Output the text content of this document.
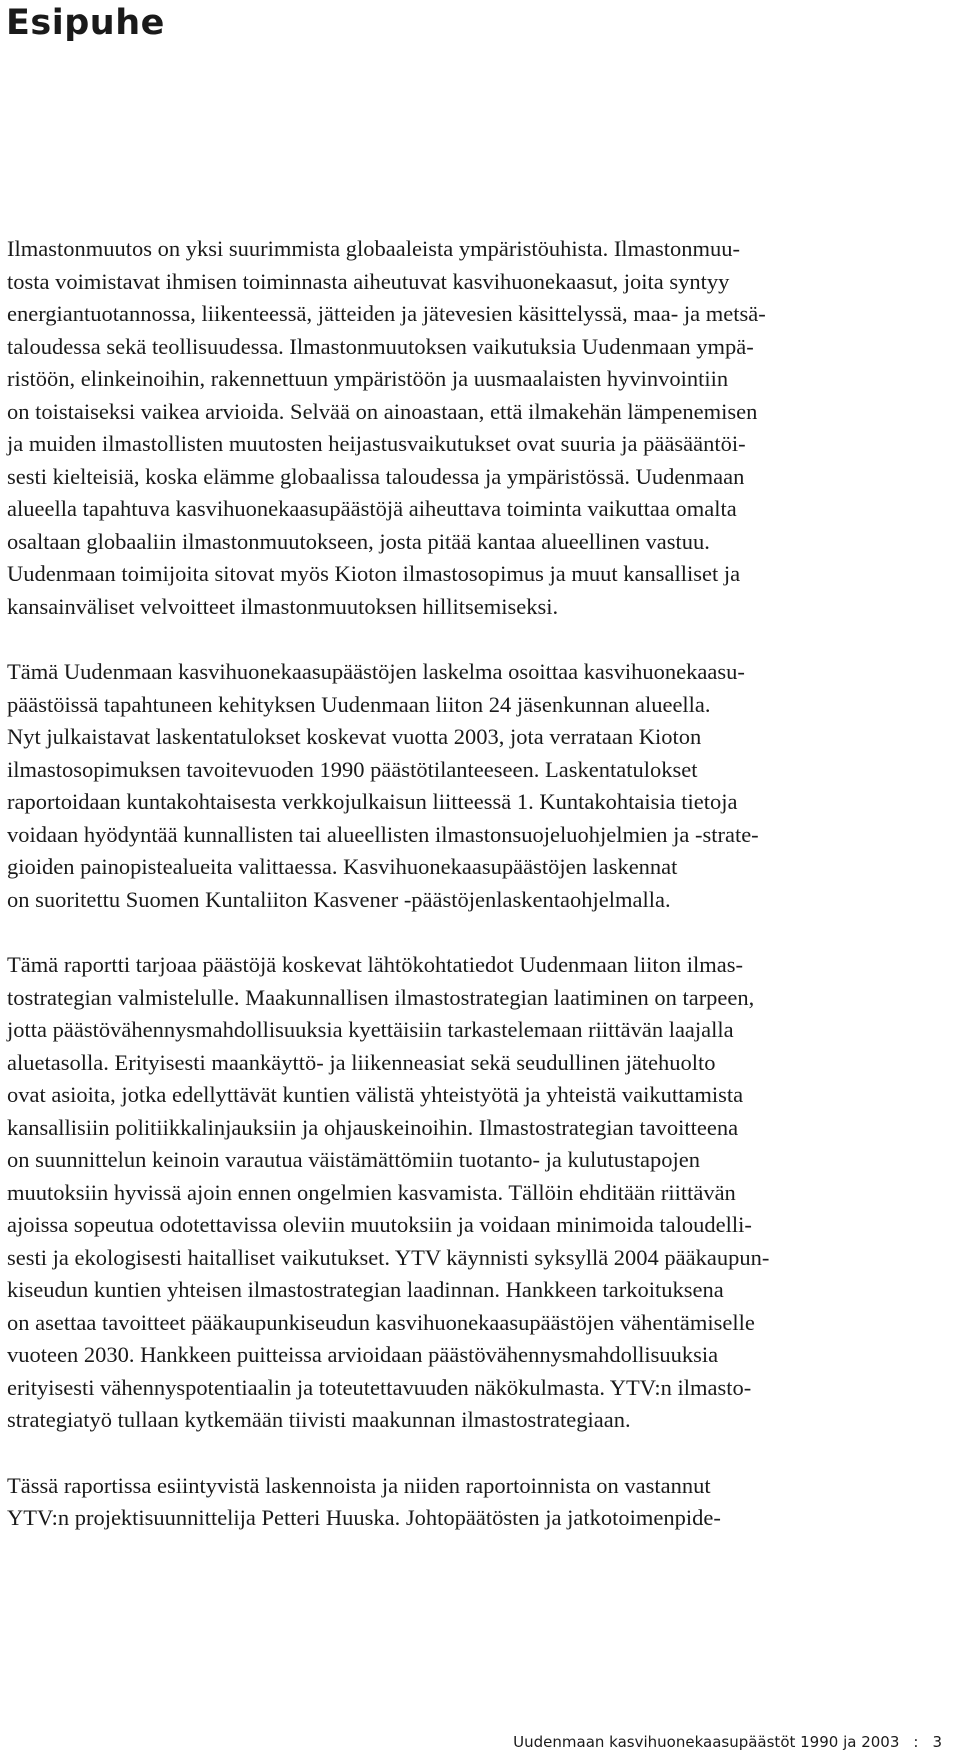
Esipuhe

Ilmastonmuutos on yksi suurimmista globaaleista ympäristöuhista. Ilmastonmuu-
tosta voimistavat ihmisen toiminnasta aiheutuvat kasvihuonekaasut, joita syntyy
energiantuotannossa, liikenteessä, jätteiden ja jätevesien käsittelyssä, maa- ja metsä-
taloudessa sekä teollisuudessa. Ilmastonmuutoksen vaikutuksia Uudenmaan ympä-
ristöön, elinkeinoihin, rakennettuun ympäristöön ja uusmaalaisten hyvinvointiin
on toistaiseksi vaikea arvioida. Selvää on ainoastaan, että ilmakehän lämpenemisen
ja muiden ilmastollisten muutosten heijastusvaikutukset ovat suuria ja pääsääntöi-
sesti kielteisiä, koska elämme globaalissa taloudessa ja ympäristössä. Uudenmaan
alueella tapahtuva kasvihuonekaasupäästöjä aiheuttava toiminta vaikuttaa omalta
osaltaan globaaliin ilmastonmuutokseen, josta pitää kantaa alueellinen vastuu.
Uudenmaan toimijoita sitovat myös Kioton ilmastosopimus ja muut kansalliset ja
kansainväliset velvoitteet ilmastonmuutoksen hillitsemiseksi.

Tämä Uudenmaan kasvihuonekaasupäästöjen laskelma osoittaa kasvihuonekaasu-
päästöissä tapahtuneen kehityksen Uudenmaan liiton 24 jäsenkunnan alueella.
Nyt julkaistavat laskentatulokset koskevat vuotta 2003, jota verrataan Kioton
ilmastosopimuksen tavoitevuoden 1990 päästötilanteeseen. Laskentatulokset
raportoidaan kuntakohtaisesta verkkojulkaisun liitteessä 1. Kuntakohtaisia tietoja
voidaan hyödyntää kunnallisten tai alueellisten ilmastonsuojeluohjelmien ja -strate-
gioiden painopistealueita valittaessa. Kasvihuonekaasupäästöjen laskennat
on suoritettu Suomen Kuntaliiton Kasvener -päästöjenlaskentaohjelmalla.

Tämä raportti tarjoaa päästöjä koskevat lähtökohtatiedot Uudenmaan liiton ilmas-
tostrategian valmistelulle. Maakunnallisen ilmastostrategian laatiminen on tarpeen,
jotta päästövähennysmahdollisuuksia kyettäisiin tarkastelemaan riittävän laajalla
aluetasolla. Erityisesti maankäyttö- ja liikenneasiat sekä seudullinen jätehuolto
ovat asioita, jotka edellyttävät kuntien välistä yhteistyötä ja yhteistä vaikuttamista
kansallisiin politiikkalinjauksiin ja ohjauskeinoihin. Ilmastostrategian tavoitteena
on suunnittelun keinoin varautua väistämättömiin tuotanto- ja kulutustapojen
muutoksiin hyvissä ajoin ennen ongelmien kasvamista. Tällöin ehditään riittävän
ajoissa sopeutua odotettavissa oleviin muutoksiin ja voidaan minimoida taloudelli-
sesti ja ekologisesti haitalliset vaikutukset. YTV käynnisti syksyllä 2004 pääkaupun-
kiseudun kuntien yhteisen ilmastostrategian laadinnan. Hankkeen tarkoituksena
on asettaa tavoitteet pääkaupunkiseudun kasvihuonekaasupäästöjen vähentämiselle
vuoteen 2030. Hankkeen puitteissa arvioidaan päästövähennysmahdollisuuksia
erityisesti vähennyspotentiaalin ja toteutettavuuden näkökulmasta. YTV:n ilmasto-
strategiatyö tullaan kytkemään tiivisti maakunnan ilmastostrategiaan.

Tässä raportissa esiintyvistä laskennoista ja niiden raportoinnista on vastannut
YTV:n projektisuunnittelija Petteri Huuska. Johtopäätösten ja jatkotoimenpide-

Uudenmaan kasvihuonekaasupäästöt 1990 ja 2003 : 3
